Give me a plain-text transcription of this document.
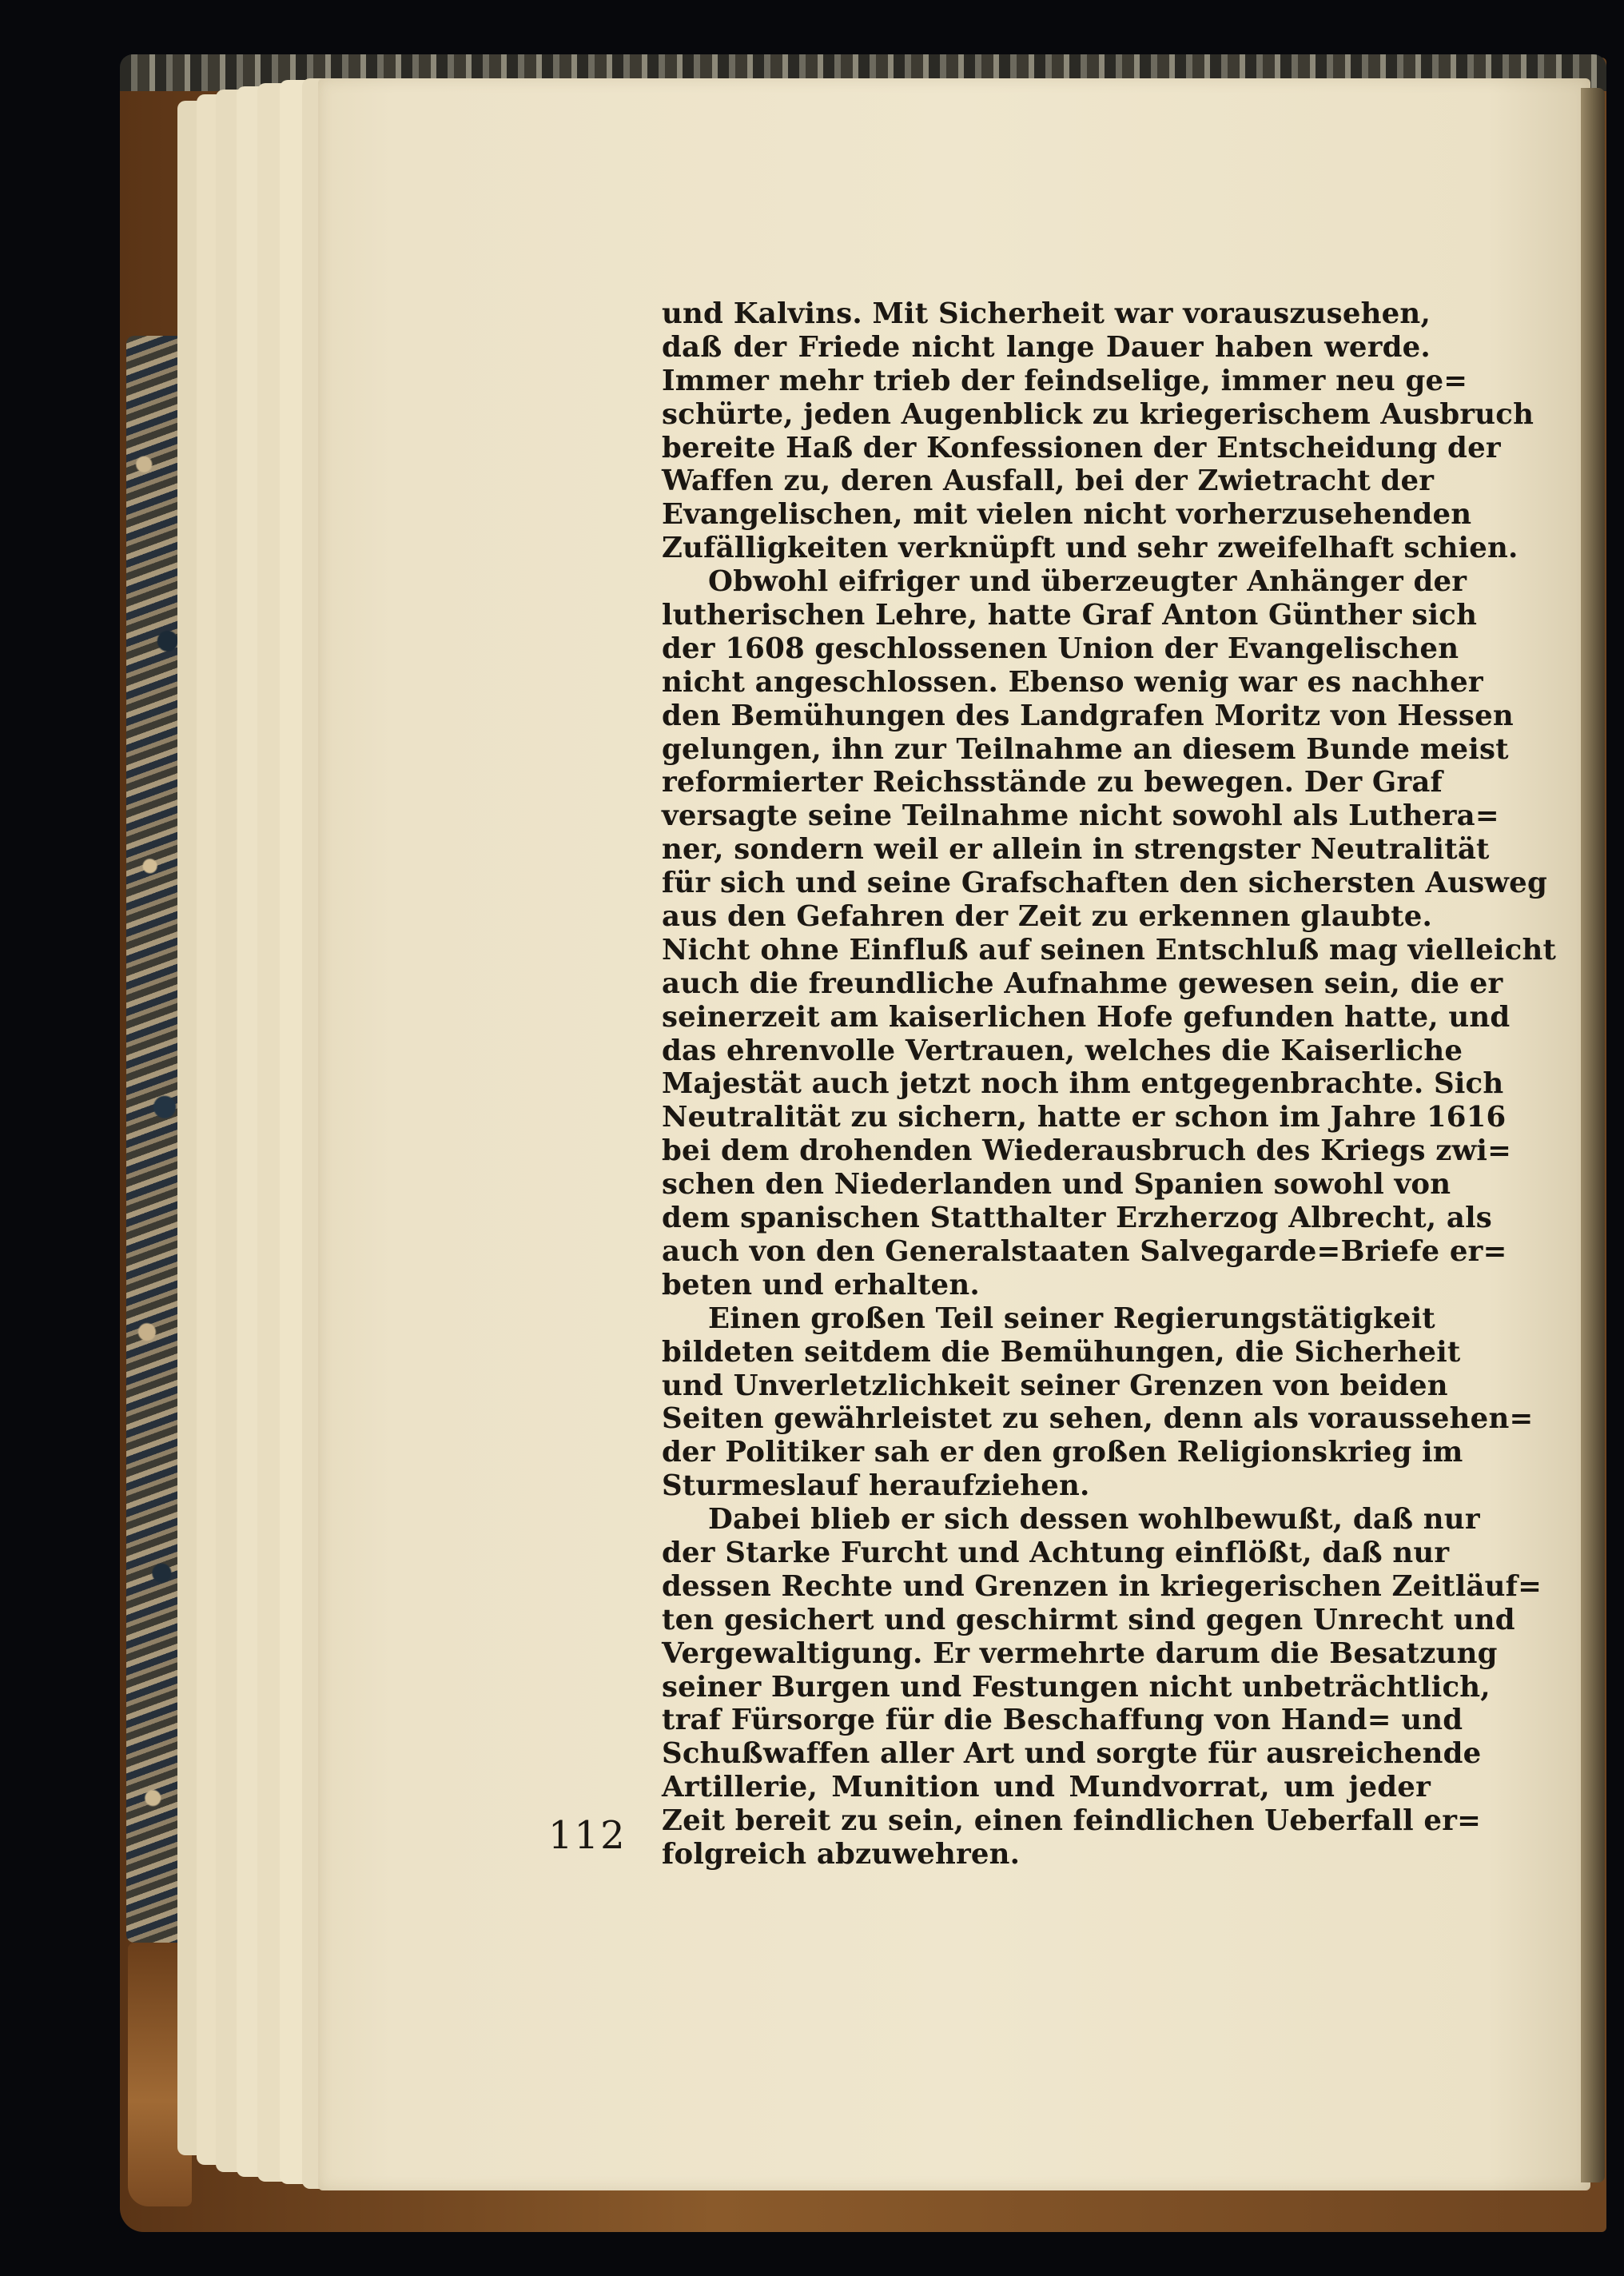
und Kalvins. Mit Sicherheit war vorauszusehen,
daß der Friede nicht lange Dauer haben werde.
Immer mehr trieb der feindselige, immer neu ge=
schürte, jeden Augenblick zu kriegerischem Ausbruch
bereite Haß der Konfessionen der Entscheidung der
Waffen zu, deren Ausfall, bei der Zwietracht der
Evangelischen, mit vielen nicht vorherzusehenden
Zufälligkeiten verknüpft und sehr zweifelhaft schien.
Obwohl eifriger und überzeugter Anhänger der
lutherischen Lehre, hatte Graf Anton Günther sich
der 1608 geschlossenen Union der Evangelischen
nicht angeschlossen. Ebenso wenig war es nachher
den Bemühungen des Landgrafen Moritz von Hessen
gelungen, ihn zur Teilnahme an diesem Bunde meist
reformierter Reichsstände zu bewegen. Der Graf
versagte seine Teilnahme nicht sowohl als Luthera=
ner, sondern weil er allein in strengster Neutralität
für sich und seine Grafschaften den sichersten Ausweg
aus den Gefahren der Zeit zu erkennen glaubte.
Nicht ohne Einfluß auf seinen Entschluß mag vielleicht
auch die freundliche Aufnahme gewesen sein, die er
seinerzeit am kaiserlichen Hofe gefunden hatte, und
das ehrenvolle Vertrauen, welches die Kaiserliche
Majestät auch jetzt noch ihm entgegenbrachte. Sich
Neutralität zu sichern, hatte er schon im Jahre 1616
bei dem drohenden Wiederausbruch des Kriegs zwi=
schen den Niederlanden und Spanien sowohl von
dem spanischen Statthalter Erzherzog Albrecht, als
auch von den Generalstaaten Salvegarde=Briefe er=
beten und erhalten.
Einen großen Teil seiner Regierungstätigkeit
bildeten seitdem die Bemühungen, die Sicherheit
und Unverletzlichkeit seiner Grenzen von beiden
Seiten gewährleistet zu sehen, denn als voraussehen=
der Politiker sah er den großen Religionskrieg im
Sturmeslauf heraufziehen.
Dabei blieb er sich dessen wohlbewußt, daß nur
der Starke Furcht und Achtung einflößt, daß nur
dessen Rechte und Grenzen in kriegerischen Zeitläuf=
ten gesichert und geschirmt sind gegen Unrecht und
Vergewaltigung. Er vermehrte darum die Besatzung
seiner Burgen und Festungen nicht unbeträchtlich,
traf Fürsorge für die Beschaffung von Hand= und
Schußwaffen aller Art und sorgte für ausreichende
Artillerie, Munition und Mundvorrat, um jeder
Zeit bereit zu sein, einen feindlichen Ueberfall er=
folgreich abzuwehren.
112
